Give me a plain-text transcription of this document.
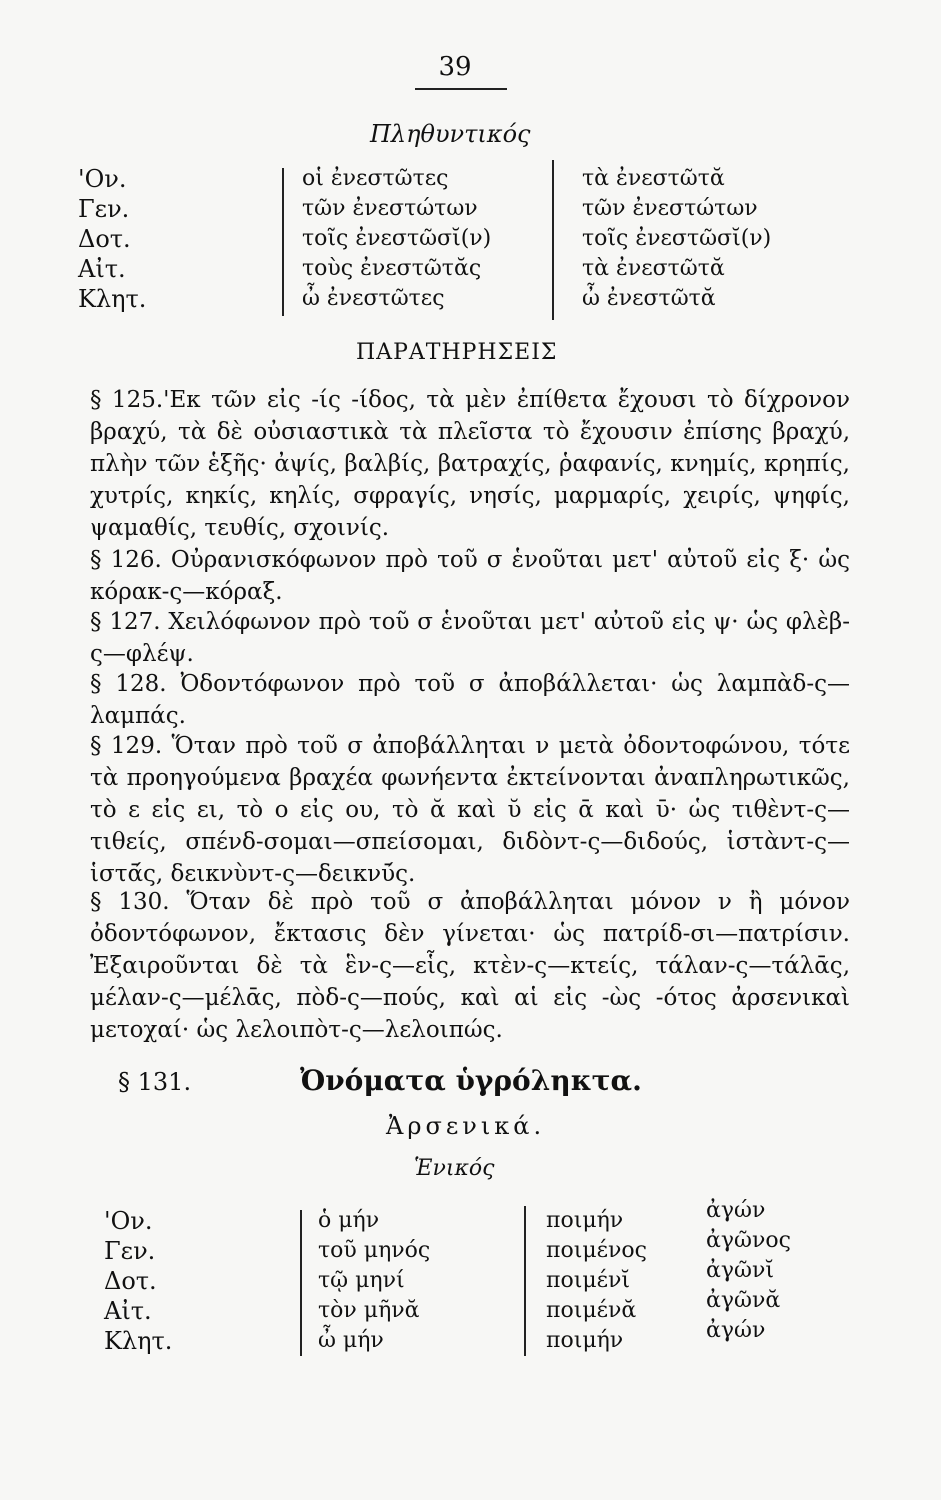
39
Πληθυντικός
'Ον.
Γεν.
Δοτ.
Αἰτ.
Κλητ.
οἱ ἐνεστῶτες
τῶν ἐνεστώτων
τοῖς ἐνεστῶσῐ(ν)
τοὺς ἐνεστῶτᾰς
ὦ ἐνεστῶτες
τὰ ἐνεστῶτᾰ
τῶν ἐνεστώτων
τοῖς ἐνεστῶσῐ(ν)
τὰ ἐνεστῶτᾰ
ὦ ἐνεστῶτᾰ
ΠΑΡΑΤΗΡΗΣΕΙΣ

§ 125.'Εκ τῶν εἰς -ίς -ίδος, τὰ μὲν ἐπίθετα ἔχουσι τὸ δίχρονον βραχύ, τὰ δὲ οὐσιαστικὰ τὰ πλεῖστα τὸ ἔχουσιν ἐπίσης βραχύ, πλὴν τῶν ἑξῆς· ἀψίς, βαλβίς, βατραχίς, ῥαφανίς, κνημίς, κρηπίς, χυτρίς, κηκίς, κηλίς, σφραγίς, νησίς, μαρμαρίς, χειρίς, ψηφίς, ψαμαθίς, τευθίς, σχοινίς.

§ 126. Οὐρανισκόφωνον πρὸ τοῦ σ ἑνοῦται μετ' αὐτοῦ εἰς ξ· ὡς κόρακ-ς—κόραξ.

§ 127. Χειλόφωνον πρὸ τοῦ σ ἑνοῦται μετ' αὐτοῦ εἰς ψ· ὡς φλὲβ-ς—φλέψ.

§ 128. Ὀδοντόφωνον πρὸ τοῦ σ ἀποβάλλεται· ὡς λαμπὰδ-ς—λαμπάς.

§ 129. Ὅταν πρὸ τοῦ σ ἀποβάλληται ν μετὰ ὀδοντοφώνου, τότε τὰ προηγούμενα βραχέα φωνήεντα ἐκτείνονται ἀναπληρωτικῶς, τὸ ε εἰς ει, τὸ ο εἰς ου, τὸ ᾰ καὶ ῠ εἰς ᾱ καὶ ῡ· ὡς τιθὲντ-ς—τιθείς, σπένδ-σομαι—σπείσομαι, διδὸντ-ς—διδούς, ἱστὰντ-ς—ἱστᾱ́ς, δεικνὺντ-ς—δεικνῡ́ς.

§ 130. Ὅταν δὲ πρὸ τοῦ σ ἀποβάλληται μόνον ν ἢ μόνον ὀδοντόφωνον, ἔκτασις δὲν γίνεται· ὡς πατρίδ-σι—πατρίσιν. Ἐξαιροῦνται δὲ τὰ ἓν-ς—εἷς, κτὲν-ς—κτείς, τάλαν-ς—τάλᾱς, μέλαν-ς—μέλᾱς, πὸδ-ς—πούς, καὶ αἱ εἰς -ὼς -ότος ἀρσενικαὶ μετοχαί· ὡς λελοιπὸτ-ς—λελοιπώς.

§ 131.	Ὀνόματα ὑγρόληκτα.
Ἀρσενικά.
Ἑνικός
'Ον.
Γεν.
Δοτ.
Αἰτ.
Κλητ.
ὁ μήν
τοῦ μηνός
τῷ μηνί
τὸν μῆνᾰ
ὦ μήν
ποιμήν
ποιμένος
ποιμένῐ
ποιμένᾰ
ποιμήν
ἀγών
ἀγῶνος
ἀγῶνῐ
ἀγῶνᾰ
ἀγών
